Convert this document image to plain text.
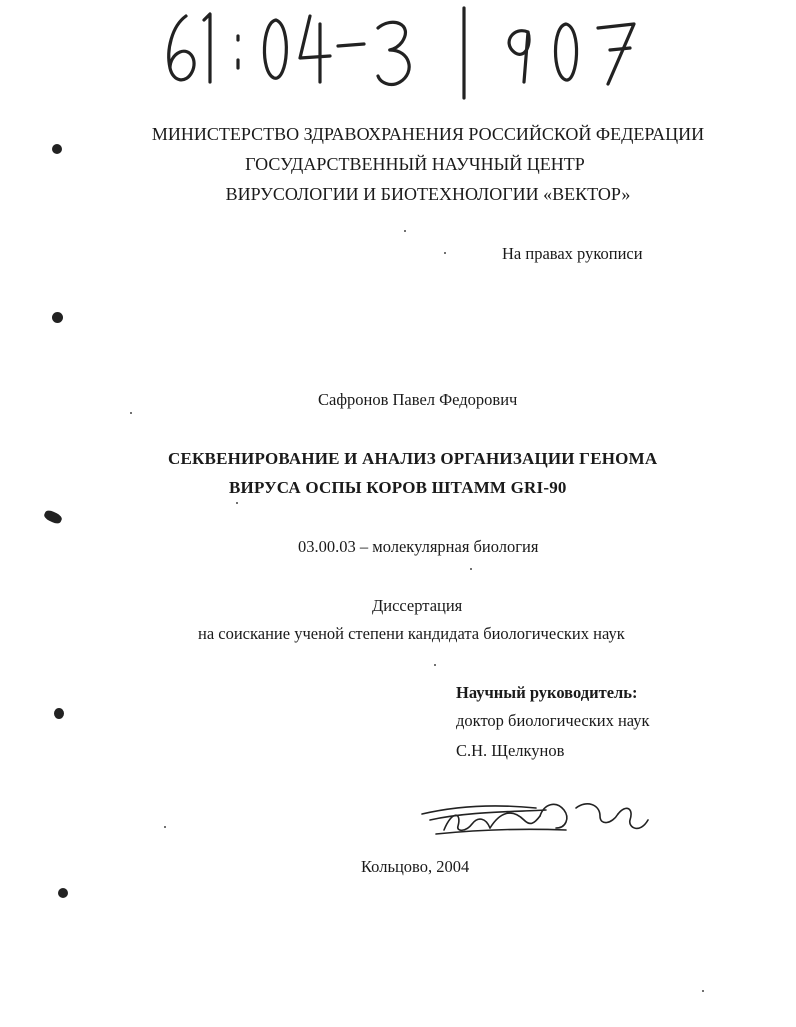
МИНИСТЕРСТВО ЗДРАВОХРАНЕНИЯ РОССИЙСКОЙ ФЕДЕРАЦИИ
ГОСУДАРСТВЕННЫЙ НАУЧНЫЙ ЦЕНТР
ВИРУСОЛОГИИ И БИОТЕХНОЛОГИИ «ВЕКТОР»
На правах рукописи
Сафронов Павел Федорович
СЕКВЕНИРОВАНИЕ И АНАЛИЗ ОРГАНИЗАЦИИ ГЕНОМА
ВИРУСА ОСПЫ КОРОВ ШТАММ GRI-90
03.00.03 – молекулярная биология
Диссертация
на соискание ученой степени кандидата биологических наук
Научный руководитель:
доктор биологических наук
С.Н. Щелкунов
Кольцово, 2004
